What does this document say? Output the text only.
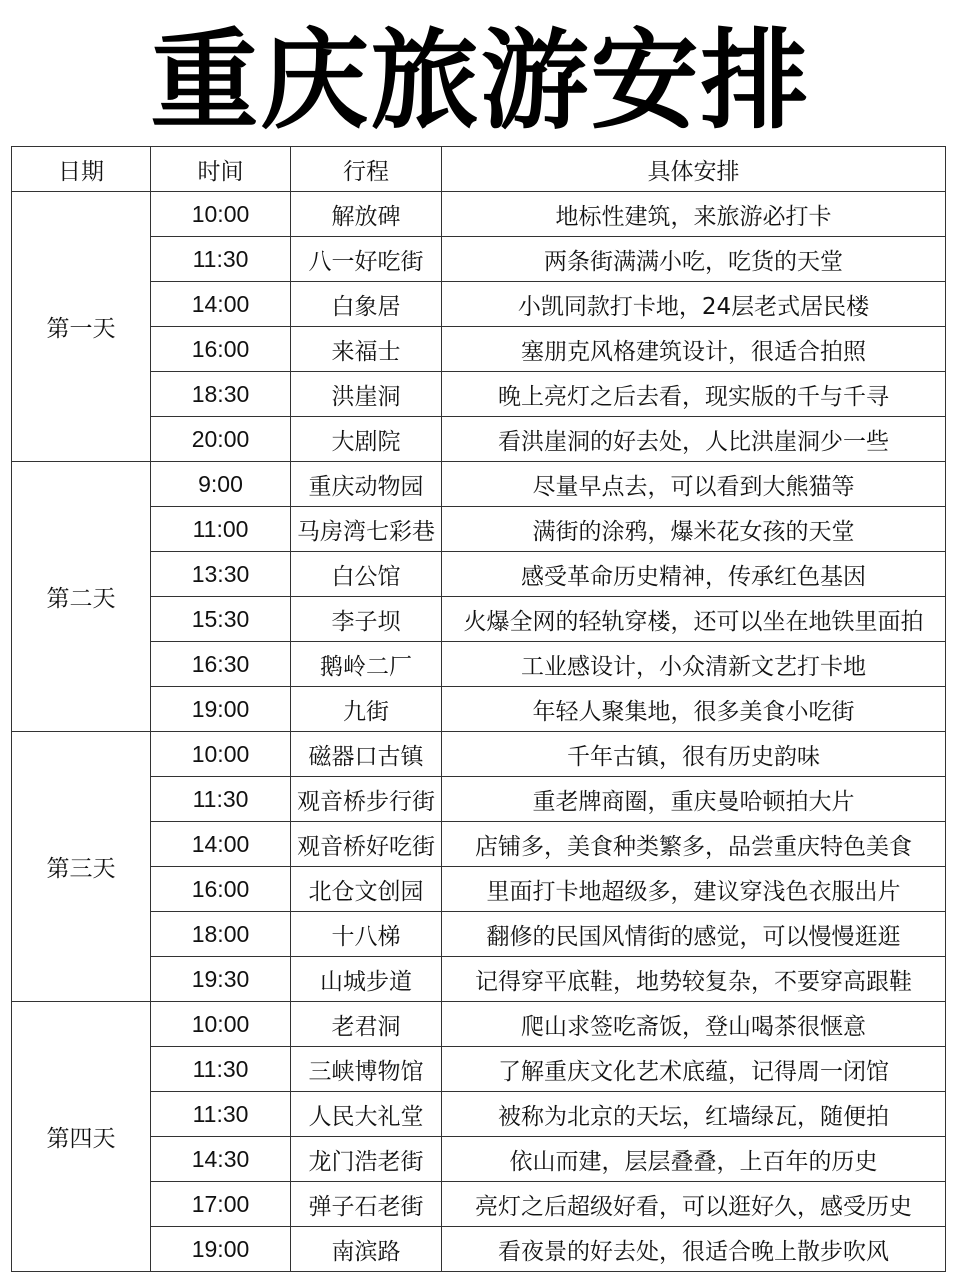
重庆旅游安排
日期	时间	行程	具体安排
第一天	10:00	解放碑	地标性建筑，来旅游必打卡
	11:30	八一好吃街	两条街满满小吃，吃货的天堂
	14:00	白象居	小凯同款打卡地，24层老式居民楼
	16:00	来福士	塞朋克风格建筑设计，很适合拍照
	18:30	洪崖洞	晚上亮灯之后去看，现实版的千与千寻
	20:00	大剧院	看洪崖洞的好去处，人比洪崖洞少一些
第二天	9:00	重庆动物园	尽量早点去，可以看到大熊猫等
	11:00	马房湾七彩巷	满街的涂鸦，爆米花女孩的天堂
	13:30	白公馆	感受革命历史精神，传承红色基因
	15:30	李子坝	火爆全网的轻轨穿楼，还可以坐在地铁里面拍
	16:30	鹅岭二厂	工业感设计，小众清新文艺打卡地
	19:00	九街	年轻人聚集地，很多美食小吃街
第三天	10:00	磁器口古镇	千年古镇，很有历史韵味
	11:30	观音桥步行街	重老牌商圈，重庆曼哈顿拍大片
	14:00	观音桥好吃街	店铺多，美食种类繁多，品尝重庆特色美食
	16:00	北仓文创园	里面打卡地超级多，建议穿浅色衣服出片
	18:00	十八梯	翻修的民国风情街的感觉，可以慢慢逛逛
	19:30	山城步道	记得穿平底鞋，地势较复杂，不要穿高跟鞋
第四天	10:00	老君洞	爬山求签吃斋饭，登山喝茶很惬意
	11:30	三峡博物馆	了解重庆文化艺术底蕴，记得周一闭馆
	11:30	人民大礼堂	被称为北京的天坛，红墙绿瓦，随便拍
	14:30	龙门浩老街	依山而建，层层叠叠，上百年的历史
	17:00	弹子石老街	亮灯之后超级好看，可以逛好久，感受历史
	19:00	南滨路	看夜景的好去处，很适合晚上散步吹风
